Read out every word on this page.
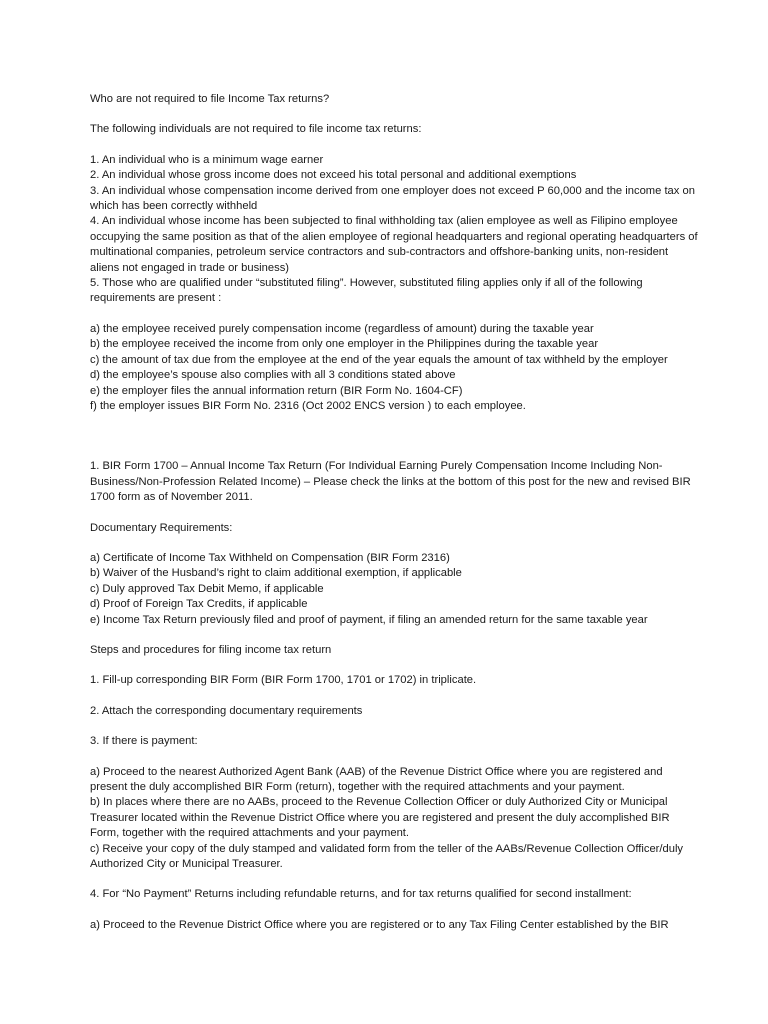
Who are not required to file Income Tax returns?

The following individuals are not required to file income tax returns:

1. An individual who is a minimum wage earner
2. An individual whose gross income does not exceed his total personal and additional exemptions
3. An individual whose compensation income derived from one employer does not exceed P 60,000 and the income tax on which has been correctly withheld
4. An individual whose income has been subjected to final withholding tax (alien employee as well as Filipino employee occupying the same position as that of the alien employee of regional headquarters and regional operating headquarters of multinational companies, petroleum service contractors and sub-contractors and offshore-banking units, non-resident aliens not engaged in trade or business)
5. Those who are qualified under “substituted filing”. However, substituted filing applies only if all of the following requirements are present :
a) the employee received purely compensation income (regardless of amount) during the taxable year
b) the employee received the income from only one employer in the Philippines during the taxable year
c) the amount of tax due from the employee at the end of the year equals the amount of tax withheld by the employer
d) the employee’s spouse also complies with all 3 conditions stated above
e) the employer files the annual information return (BIR Form No. 1604-CF)
f) the employer issues BIR Form No. 2316 (Oct 2002 ENCS version ) to each employee.

1. BIR Form 1700 – Annual Income Tax Return (For Individual Earning Purely Compensation Income Including Non-Business/Non-Profession Related Income) – Please check the links at the bottom of this post for the new and revised BIR 1700 form as of November 2011.

Documentary Requirements:

a) Certificate of Income Tax Withheld on Compensation (BIR Form 2316)
b) Waiver of the Husband’s right to claim additional exemption, if applicable
c) Duly approved Tax Debit Memo, if applicable
d) Proof of Foreign Tax Credits, if applicable
e) Income Tax Return previously filed and proof of payment, if filing an amended return for the same taxable year

Steps and procedures for filing income tax return

1. Fill-up corresponding BIR Form (BIR Form 1700, 1701 or 1702) in triplicate.

2. Attach the corresponding documentary requirements

3. If there is payment:

a) Proceed to the nearest Authorized Agent Bank (AAB) of the Revenue District Office where you are registered and present the duly accomplished BIR Form (return), together with the required attachments and your payment.
b) In places where there are no AABs, proceed to the Revenue Collection Officer or duly Authorized City or Municipal Treasurer located within the Revenue District Office where you are registered and present the duly accomplished BIR Form, together with the required attachments and your payment.
c) Receive your copy of the duly stamped and validated form from the teller of the AABs/Revenue Collection Officer/duly Authorized City or Municipal Treasurer.

4. For “No Payment” Returns including refundable returns, and for tax returns qualified for second installment:

a) Proceed to the Revenue District Office where you are registered or to any Tax Filing Center established by the BIR
